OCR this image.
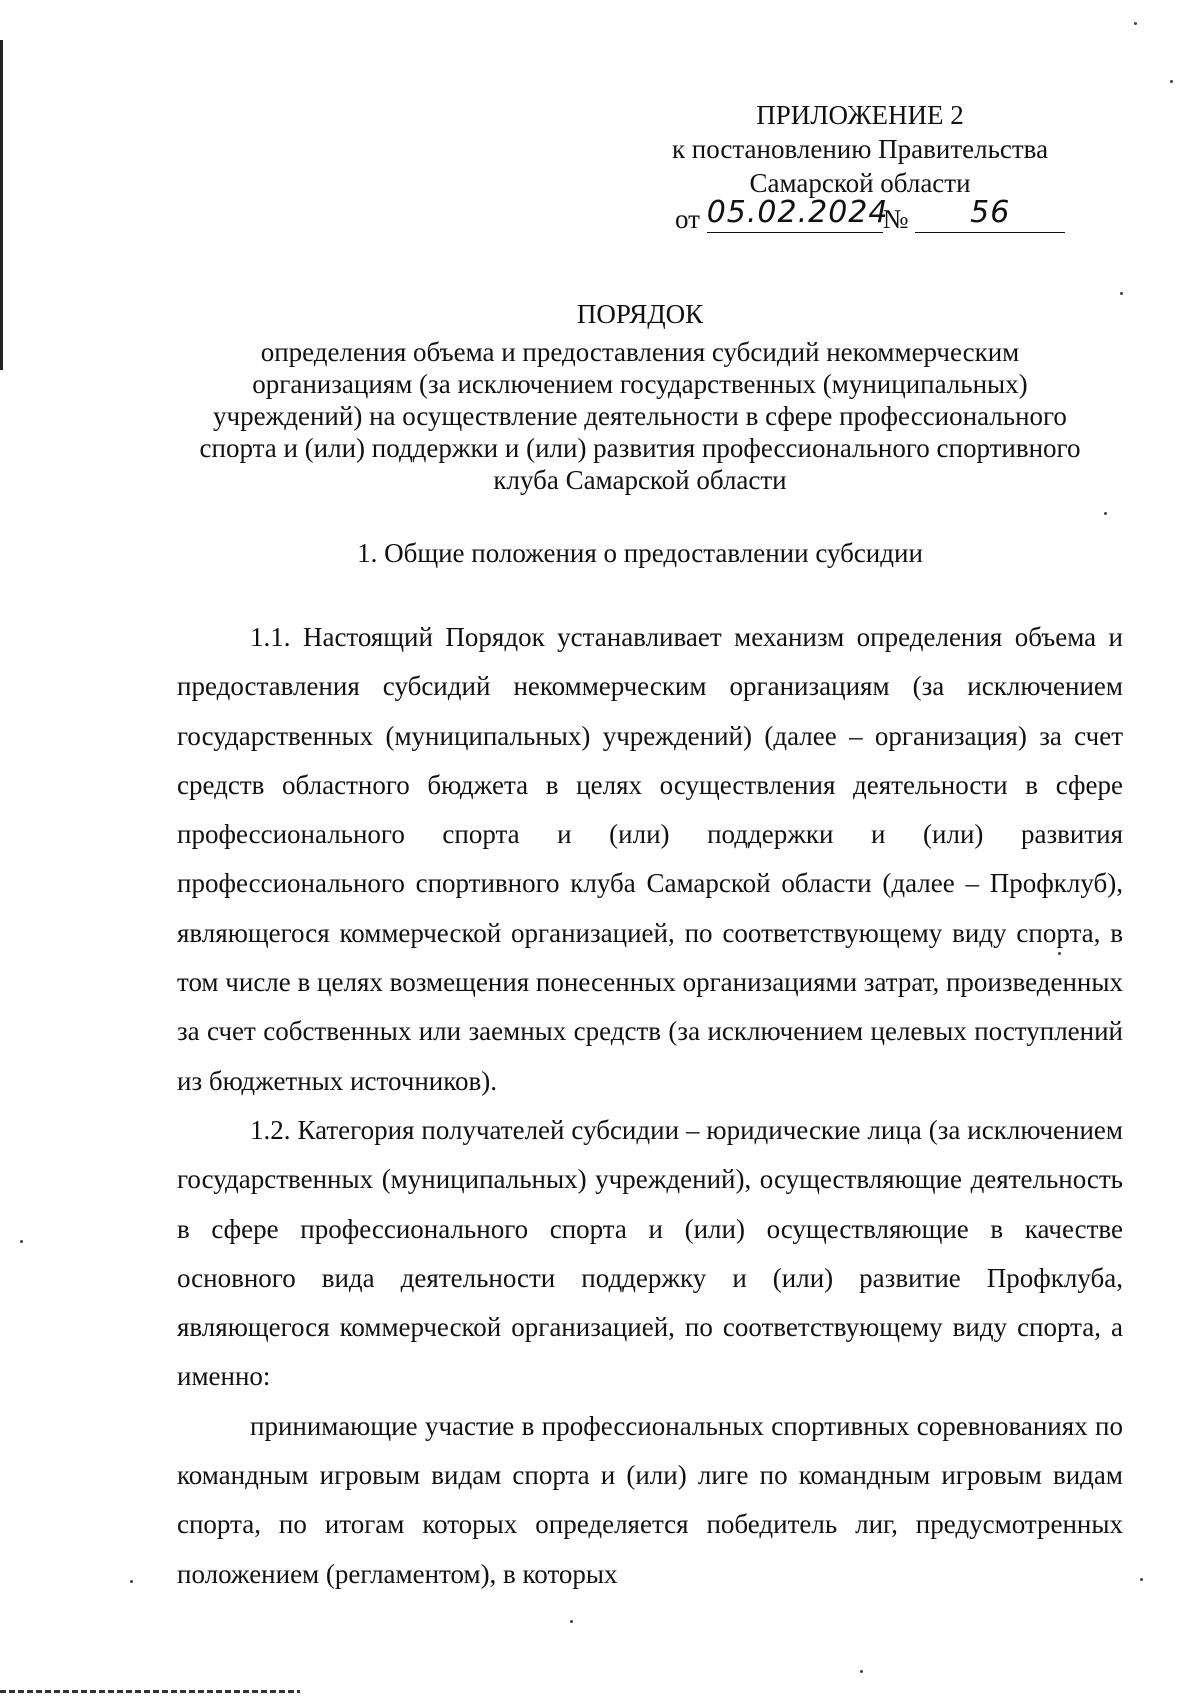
ПРИЛОЖЕНИЕ 2
к постановлению Правительства
Самарской области
от 05.02.2024№ 56
ПОРЯДОК
определения объема и предоставления субсидий некоммерческим
организациям (за исключением государственных (муниципальных)
учреждений) на осуществление деятельности в сфере профессионального
спорта и (или) поддержки и (или) развития профессионального спортивного
клуба Самарской области
1. Общие положения о предоставлении субсидии

1.1. Настоящий Порядок устанавливает механизм определения объема и предоставления субсидий некоммерческим организациям (за исключением государственных (муниципальных) учреждений) (далее – организация) за счет средств областного бюджета в целях осуществления деятельности в сфере профессионального спорта и (или) поддержки и (или) развития профессионального спортивного клуба Самарской области (далее – Профклуб), являющегося коммерческой организацией, по соответствующему виду спорта, в том числе в целях возмещения понесенных организациями затрат, произведенных за счет собственных или заемных средств (за исключением целевых поступлений из бюджетных источников).

1.2. Категория получателей субсидии – юридические лица (за исключением государственных (муниципальных) учреждений), осуществляющие деятельность в сфере профессионального спорта и (или) осуществляющие в качестве основного вида деятельности поддержку и (или) развитие Профклуба, являющегося коммерческой организацией, по соответствующему виду спорта, а именно:

принимающие участие в профессиональных спортивных соревнованиях по командным игровым видам спорта и (или) лиге по командным игровым видам спорта, по итогам которых определяется победитель лиг, предусмотренных положением (регламентом), в которых
